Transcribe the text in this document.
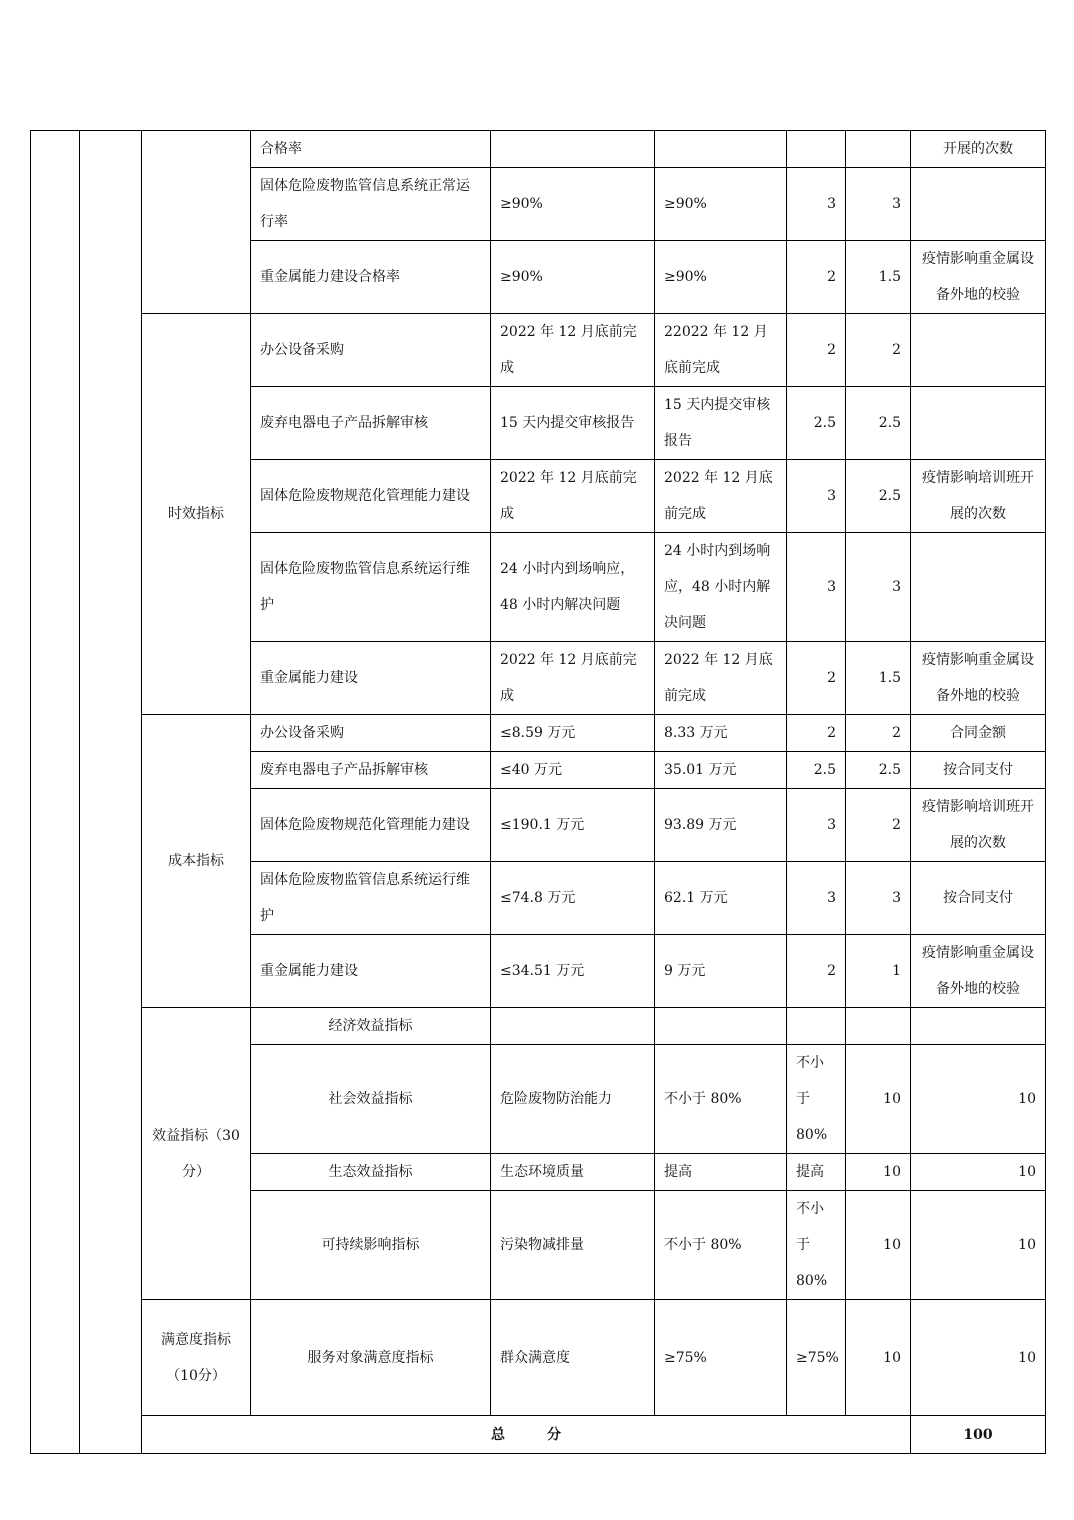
			合格率					开展的次数	
			固体危险废物监管信息系统正常运行率	≥90%	≥90%	3	3		
			重金属能力建设合格率	≥90%	≥90%	2	1.5	疫情影响重金属设备外地的校验	
		时效指标	办公设备采购	2022 年 12 月底前完成	22022 年 12 月底前完成	2	2		
			废弃电器电子产品拆解审核	15 天内提交审核报告	15 天内提交审核报告	2.5	2.5		
			固体危险废物规范化管理能力建设	2022 年 12 月底前完成	2022 年 12 月底前完成	3	2.5	疫情影响培训班开展的次数	
			固体危险废物监管信息系统运行维护	24 小时内到场响应，48 小时内解决问题	24 小时内到场响应，48 小时内解决问题	3	3		
			重金属能力建设	2022 年 12 月底前完成	2022 年 12 月底前完成	2	1.5	疫情影响重金属设备外地的校验	
		成本指标	办公设备采购	≤8.59 万元	8.33 万元	2	2	合同金额	
			废弃电器电子产品拆解审核	≤40 万元	35.01 万元	2.5	2.5	按合同支付	
			固体危险废物规范化管理能力建设	≤190.1 万元	93.89 万元	3	2	疫情影响培训班开展的次数	
			固体危险废物监管信息系统运行维护	≤74.8 万元	62.1 万元	3	3	按合同支付	
			重金属能力建设	≤34.51 万元	9 万元	2	1	疫情影响重金属设备外地的校验	
		效益指标（30分）	经济效益指标						
			社会效益指标	危险废物防治能力	不小于 80%	不小于 80%	10	10	
			生态效益指标	生态环境质量	提高	提高	10	10	
			可持续影响指标	污染物减排量	不小于 80%	不小于 80%	10	10	
		满意度指标（10分）	服务对象满意度指标	群众满意度	≥75%	≥75%	10	10	
		总　　　分						100		
